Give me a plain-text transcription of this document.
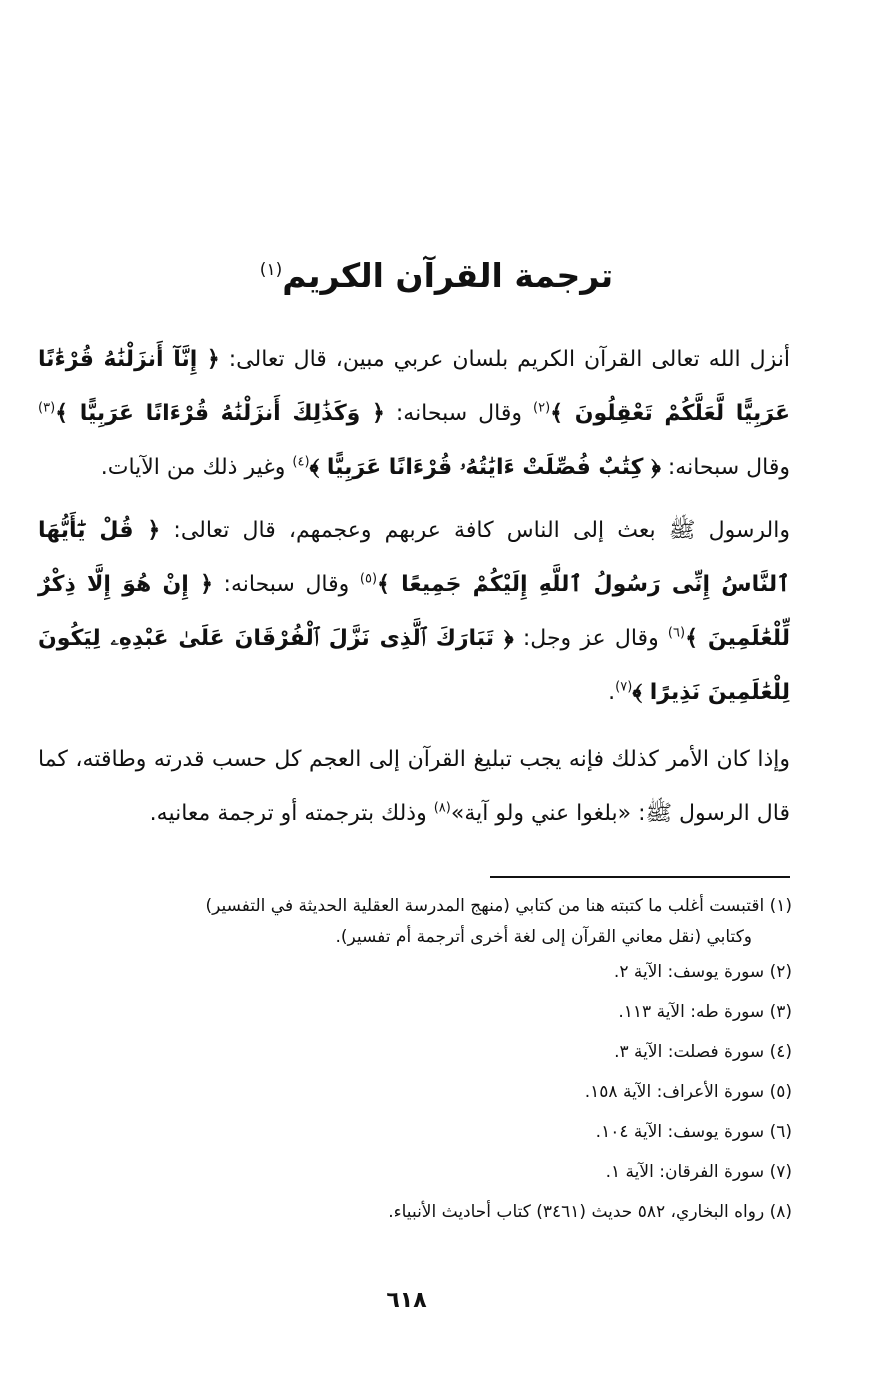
ترجمة القرآن الكريم$^{(١)}$

أنزل الله تعالى القرآن الكريم بلسان عربي مبين، قال تعالى: ﴿ إِنَّآ أَنزَلْنَٰهُ قُرْءَٰنًا عَرَبِيًّا لَّعَلَّكُمْ تَعْقِلُونَ ﴾$^{(٢)}$ وقال سبحانه: ﴿ وَكَذَٰلِكَ أَنزَلْنَٰهُ قُرْءَانًا عَرَبِيًّا ﴾$^{(٣)}$ وقال سبحانه: ﴿ كِتَٰبٌ فُصِّلَتْ ءَايَٰتُهُۥ قُرْءَانًا عَرَبِيًّا ﴾$^{(٤)}$ وغير ذلك من الآيات.

والرسول ﷺ بعث إلى الناس كافة عربهم وعجمهم، قال تعالى: ﴿ قُلْ يَٰٓأَيُّهَا ٱلنَّاسُ إِنِّى رَسُولُ ٱللَّهِ إِلَيْكُمْ جَمِيعًا ﴾$^{(٥)}$ وقال سبحانه: ﴿ إِنْ هُوَ إِلَّا ذِكْرٌ لِّلْعَٰلَمِينَ ﴾$^{(٦)}$ وقال عز وجل: ﴿ تَبَارَكَ ٱلَّذِى نَزَّلَ ٱلْفُرْقَانَ عَلَىٰ عَبْدِهِۦ لِيَكُونَ لِلْعَٰلَمِينَ نَذِيرًا ﴾$^{(٧)}$.

وإذا كان الأمر كذلك فإنه يجب تبليغ القرآن إلى العجم كل حسب قدرته وطاقته، كما قال الرسول ﷺ: «بلغوا عني ولو آية»$^{(٨)}$ وذلك بترجمته أو ترجمة معانيه.

(١) اقتبست أغلب ما كتبته هنا من كتابي (منهج المدرسة العقلية الحديثة في التفسير)
وكتابي (نقل معاني القرآن إلى لغة أخرى أترجمة أم تفسير).
(٢) سورة يوسف: الآية ٢.
(٣) سورة طه: الآية ١١٣.
(٤) سورة فصلت: الآية ٣.
(٥) سورة الأعراف: الآية ١٥٨.
(٦) سورة يوسف: الآية ١٠٤.
(٧) سورة الفرقان: الآية ١.
(٨) رواه البخاري، ٥٨٢ حديث (٣٤٦١) كتاب أحاديث الأنبياء.
٦١٨
